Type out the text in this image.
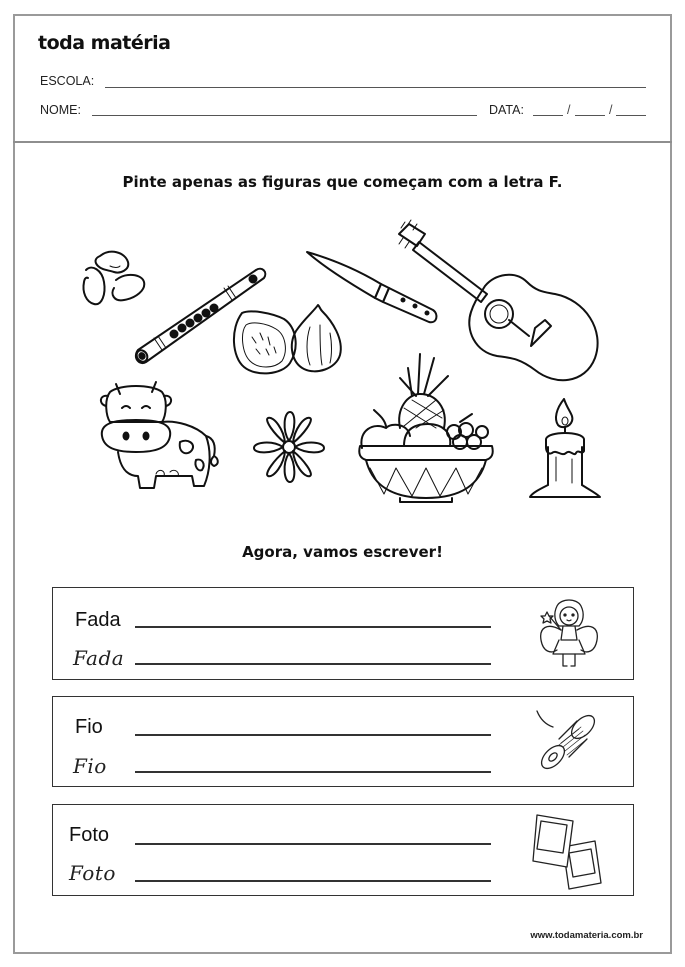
toda matéria
ESCOLA:
NOME:	DATA:	/	/
Pinte apenas as figuras que começam com a letra F.
Agora, vamos escrever!
Fada
Fada
Fio
Fio
Foto
Foto
www.todamateria.com.br
